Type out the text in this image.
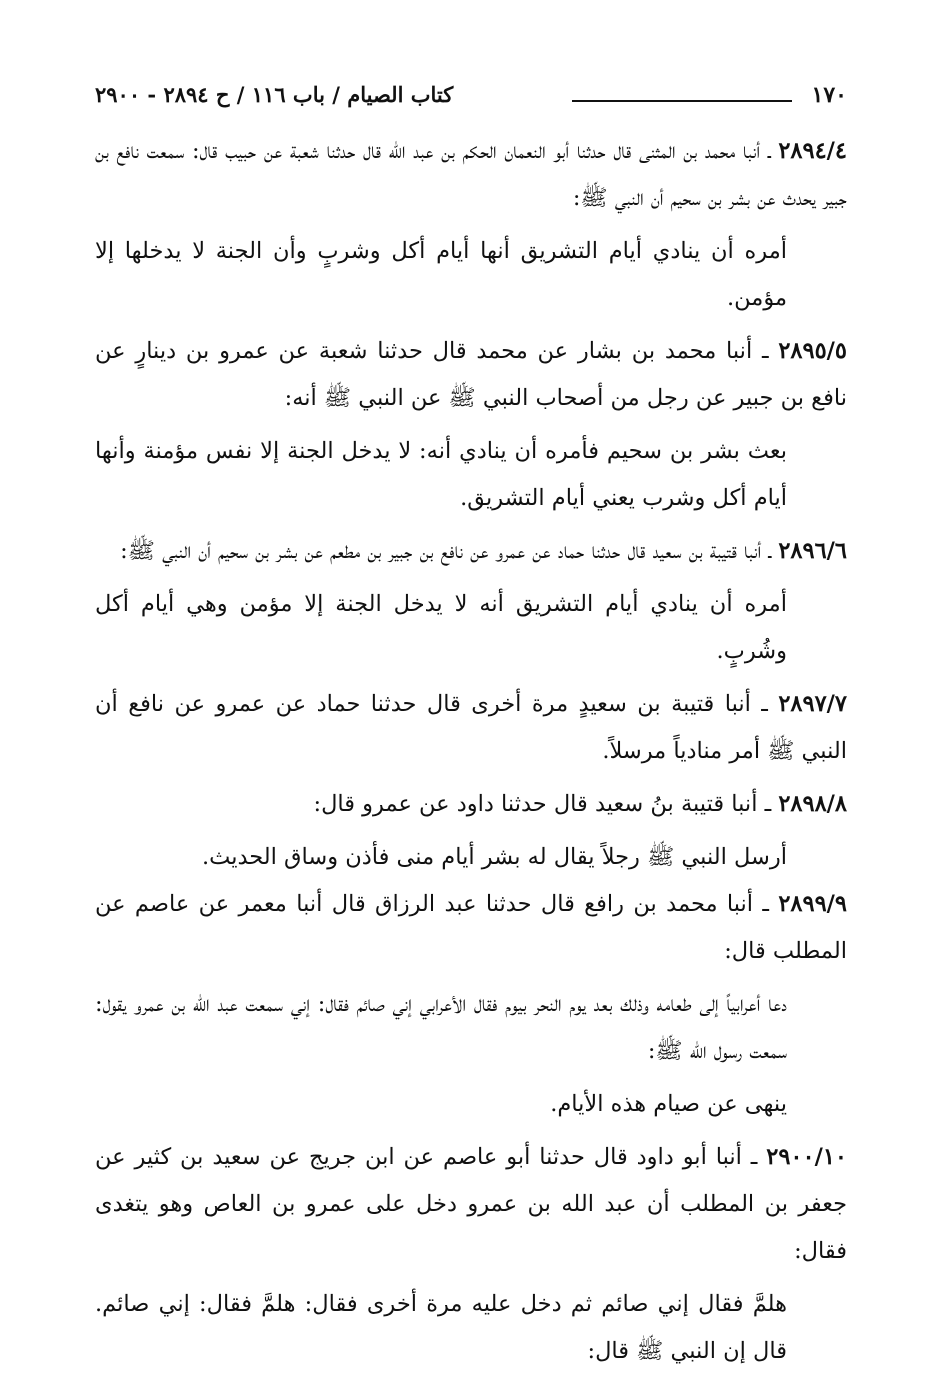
١٧٠
كتاب الصيام / باب ١١٦ / ح ٢٨٩٤ - ٢٩٠٠

٢٨٩٤/٤ ـ أنبا محمد بن المثنى قال حدثنا أبو النعمان الحكم بن عبد الله قال حدثنا شعبة عن حبيب قال: سمعت نافع بن جبير يحدث عن بشر بن سحيم أن النبي ﷺ:

أمره أن ينادي أيام التشريق أنها أيام أكل وشربٍ وأن الجنة لا يدخلها إلا مؤمن.

٢٨٩٥/٥ ـ أنبا محمد بن بشار عن محمد قال حدثنا شعبة عن عمرو بن دينارٍ عن نافع بن جبير عن رجل من أصحاب النبي ﷺ عن النبي ﷺ أنه:

بعث بشر بن سحيم فأمره أن ينادي أنه: لا يدخل الجنة إلا نفس مؤمنة وأنها أيام أكل وشرب يعني أيام التشريق.

٢٨٩٦/٦ ـ أنبا قتيبة بن سعيد قال حدثنا حماد عن عمرو عن نافع بن جبير بن مطعم عن بشر بن سحيم أن النبي ﷺ:

أمره أن ينادي أيام التشريق أنه لا يدخل الجنة إلا مؤمن وهي أيام أكل وشُربٍ.

٢٨٩٧/٧ ـ أنبا قتيبة بن سعيدٍ مرة أخرى قال حدثنا حماد عن عمرو عن نافع أن النبي ﷺ أمر منادياً مرسلاً.

٢٨٩٨/٨ ـ أنبا قتيبة بنُ سعيد قال حدثنا داود عن عمرو قال:

أرسل النبي ﷺ رجلاً يقال له بشر أيام منى فأذن وساق الحديث.

٢٨٩٩/٩ ـ أنبا محمد بن رافع قال حدثنا عبد الرزاق قال أنبا معمر عن عاصم عن المطلب قال:

دعا أعرابياً إلى طعامه وذلك بعد يوم النحر بيوم فقال الأعرابي إني صائم فقال: إني سمعت عبد الله بن عمرو يقول: سمعت رسول الله ﷺ:

ينهى عن صيام هذه الأيام.

٢٩٠٠/١٠ ـ أنبا أبو داود قال حدثنا أبو عاصم عن ابن جريج عن سعيد بن كثير عن جعفر بن المطلب أن عبد الله بن عمرو دخل على عمرو بن العاص وهو يتغدى فقال:

هلمَّ فقال إني صائم ثم دخل عليه مرة أخرى فقال: هلمَّ فقال: إني صائم. قال إن النبي ﷺ قال:
